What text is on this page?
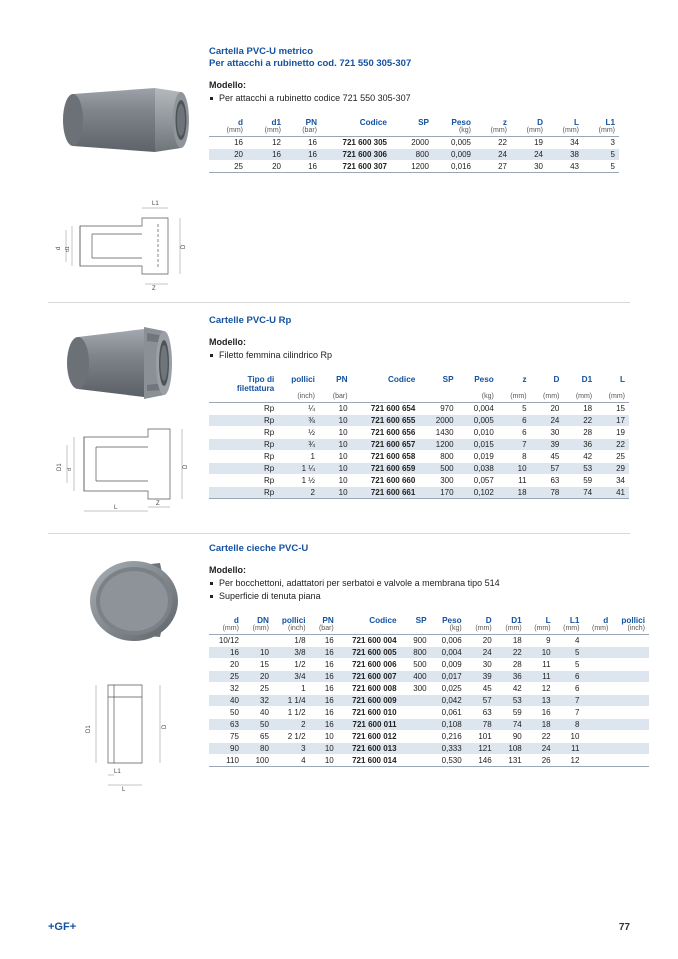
d d1	D
Z
L1
Cartella PVC-U metrico
Per attacchi a rubinetto cod. 721 550 305-307
Modello:
Per attacchi a rubinetto codice 721 550 305-307
d	d1	PN	Codice	SP	Peso	z	D	L	L1
(mm)	(mm)	(bar)			(kg)	(mm)	(mm)	(mm)	(mm)
16	12	16	721 600 305	2000	0,005	22	19	34	3
20	16	16	721 600 306	800	0,009	24	24	38	5
25	20	16	721 600 307	1200	0,016	27	30	43	5
D1 d
D
Z
L
Cartelle PVC-U Rp
Modello:
Filetto femmina cilindrico Rp
Tipo di filettatura	pollici	PN	Codice	SP	Peso	z	D	D1	L
	(inch)	(bar)			(kg)	(mm)	(mm)	(mm)	(mm)
Rp	¼	10	721 600 654	970	0,004	5	20	18	15
Rp	⅜	10	721 600 655	2000	0,005	6	24	22	17
Rp	½	10	721 600 656	1430	0,010	6	30	28	19
Rp	¾	10	721 600 657	1200	0,015	7	39	36	22
Rp	1	10	721 600 658	800	0,019	8	45	42	25
Rp	1 ¼	10	721 600 659	500	0,038	10	57	53	29
Rp	1 ½	10	721 600 660	300	0,057	11	63	59	34
Rp	2	10	721 600 661	170	0,102	18	78	74	41
D1	D
L1
L
Cartelle cieche PVC-U
Modello:
Per bocchettoni, adattatori per serbatoi e valvole a membrana tipo 514
Superficie di tenuta piana
d	DN	pollici	PN	Codice	SP	Peso	D	D1	L	L1	d	pollici
(mm)	(mm)	(inch)	(bar)			(kg)	(mm)	(mm)	(mm)	(mm)	(mm)	(inch)
10/12		1/8	16	721 600 004	900	0,006	20	18	9	4		
16	10	3/8	16	721 600 005	800	0,004	24	22	10	5		
20	15	1/2	16	721 600 006	500	0,009	30	28	11	5		
25	20	3/4	16	721 600 007	400	0,017	39	36	11	6		
32	25	1	16	721 600 008	300	0,025	45	42	12	6		
40	32	1 1/4	16	721 600 009		0,042	57	53	13	7		
50	40	1 1/2	16	721 600 010		0,061	63	59	16	7		
63	50	2	16	721 600 011		0,108	78	74	18	8		
75	65	2 1/2	10	721 600 012		0,216	101	90	22	10		
90	80	3	10	721 600 013		0,333	121	108	24	11		
110	100	4	10	721 600 014		0,530	146	131	26	12		
+GF+	77
